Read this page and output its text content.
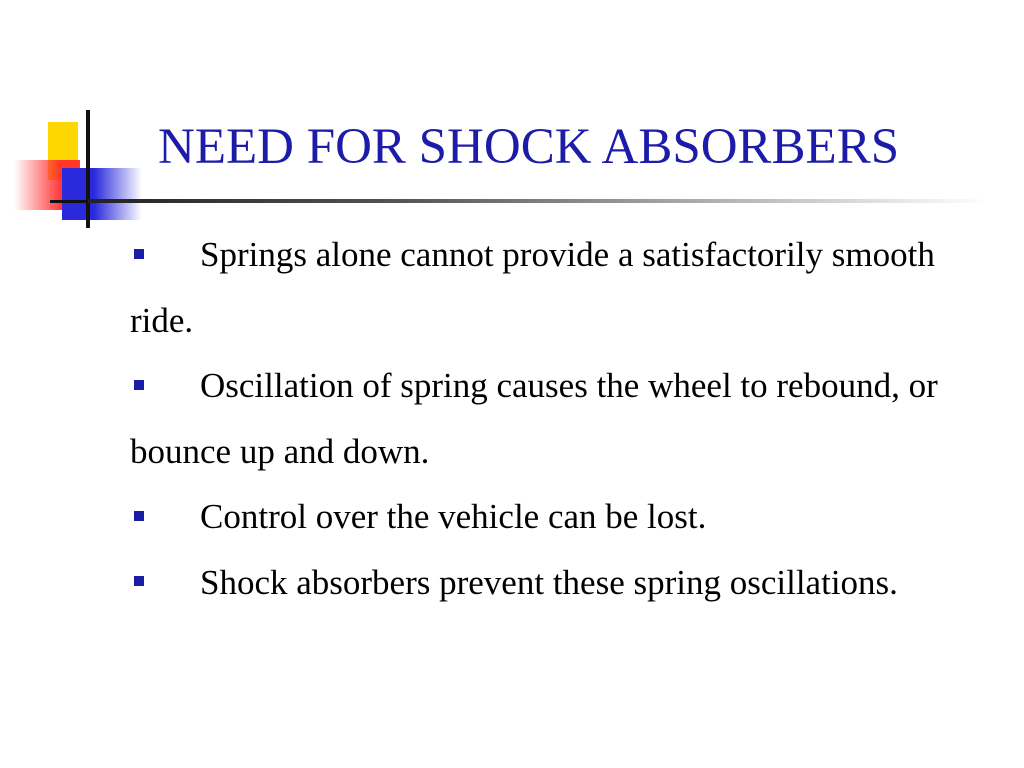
NEED FOR SHOCK ABSORBERS
Springs alone cannot provide a satisfactorily smooth ride.
Oscillation of spring causes the wheel to rebound, or bounce up and down.
Control over the vehicle can be lost.
Shock absorbers prevent these spring oscillations.
